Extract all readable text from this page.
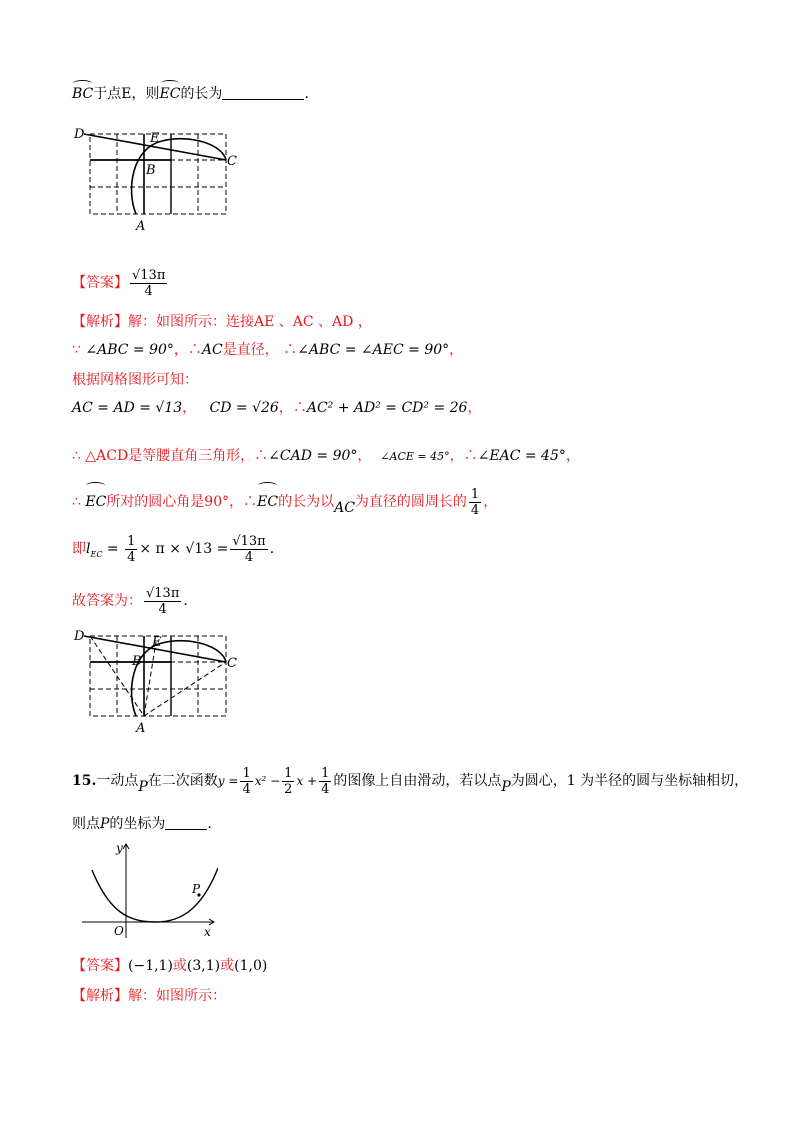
BC于点E，则EC的长为	.
D	E
B
C
A
【答案】 $\frac{√13\pi}{4}$
【解析】解：如图所示：连接AE 、AC 、AD ，
∵ ∠ABC = 90°，∴AC是直径， ∴∠ABC = ∠AEC = 90°，
根据网格图形可知：
AC = AD = √13， CD = √26，∴AC² + AD² = CD² = 26，
∴ △ACD是等腰直角三角形，∴∠CAD = 90°， ∠ACE = 45°，∴∠EAC = 45°，
∴ EC所对的圆心角是90°，∴EC的长为以AC为直径的圆周长的 $\frac{1}{4}$ ，
即$l_{EC} = \frac{1}{4} \times \pi \times √13 = \frac{√13\pi}{4}$ .
故答案为： $\frac{√13\pi}{4}$ .
D	E
B	C
A
15.一动点P在二次函数$y = \frac{1}{4} x^2 - \frac{1}{2}$ $x + \frac{1}{4}$ 的图像上自由滑动，若以点P为圆心，1 为半径的圆与坐标轴相切，
则点P的坐标为	.
y
x
O
P
【答案】(−1,1)或(3,1)或(1,0)
【解析】解：如图所示：
